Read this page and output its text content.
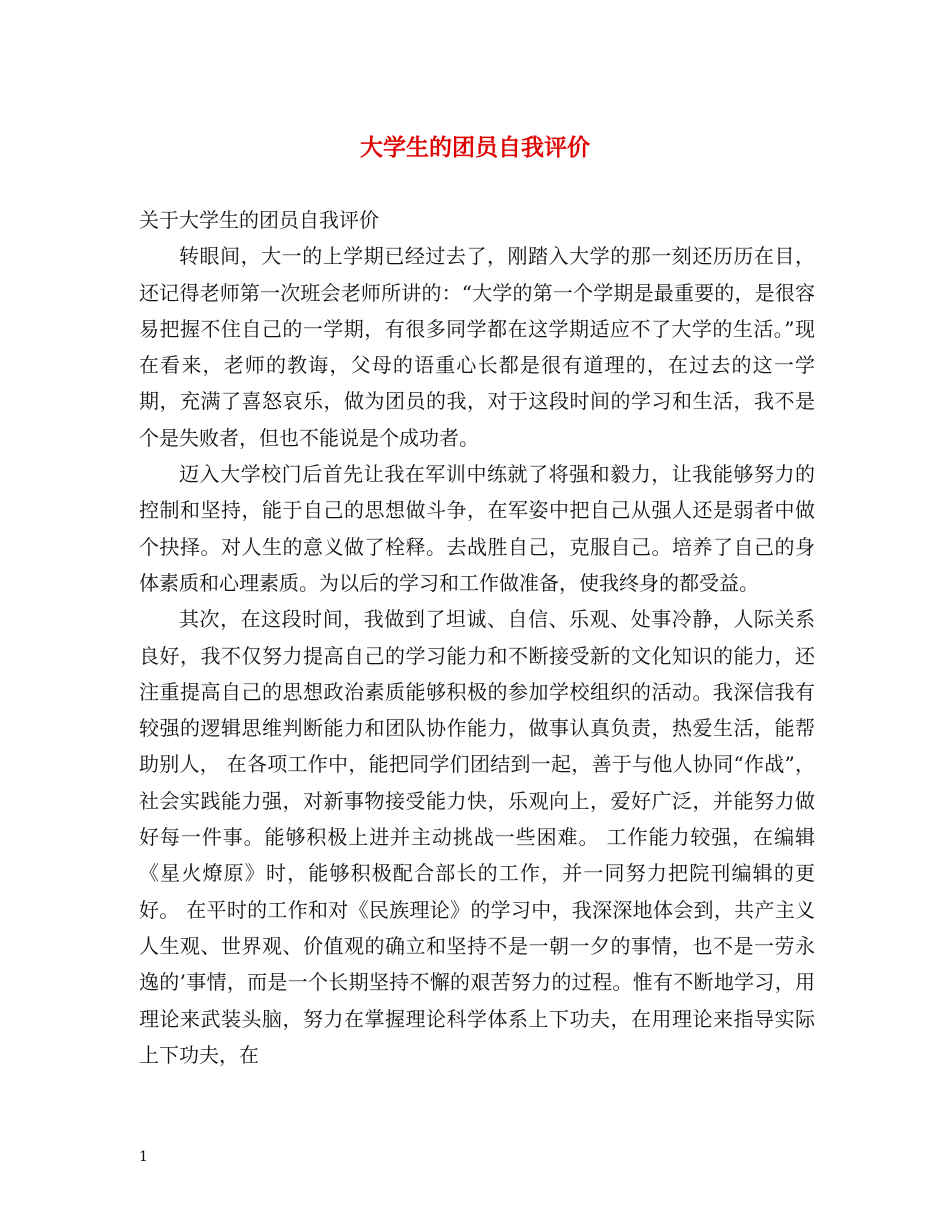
大学生的团员自我评价

关于大学生的团员自我评价

转眼间，大一的上学期已经过去了，刚踏入大学的那一刻还历历在目，还记得老师第一次班会老师所讲的：“大学的第一个学期是最重要的，是很容易把握不住自己的一学期，有很多同学都在这学期适应不了大学的生活。”现在看来，老师的教诲，父母的语重心长都是很有道理的，在过去的这一学期，充满了喜怒哀乐，做为团员的我，对于这段时间的学习和生活，我不是个是失败者，但也不能说是个成功者。

迈入大学校门后首先让我在军训中练就了将强和毅力，让我能够努力的控制和坚持，能于自己的思想做斗争，在军姿中把自己从强人还是弱者中做个抉择。对人生的意义做了栓释。去战胜自己，克服自己。培养了自己的身体素质和心理素质。为以后的学习和工作做准备，使我终身的都受益。

其次，在这段时间，我做到了坦诚、自信、乐观、处事冷静，人际关系良好，我不仅努力提高自己的学习能力和不断接受新的文化知识的能力，还注重提高自己的思想政治素质能够积极的参加学校组织的活动。我深信我有较强的逻辑思维判断能力和团队协作能力，做事认真负责，热爱生活，能帮助别人， 在各项工作中，能把同学们团结到一起，善于与他人协同“作战”，社会实践能力强，对新事物接受能力快，乐观向上，爱好广泛，并能努力做好每一件事。能够积极上进并主动挑战一些困难。 工作能力较强，在编辑《星火燎原》时，能够积极配合部长的工作，并一同努力把院刊编辑的更好。 在平时的工作和对《民族理论》的学习中，我深深地体会到，共产主义人生观、世界观、价值观的确立和坚持不是一朝一夕的事情，也不是一劳永逸的’事情，而是一个长期坚持不懈的艰苦努力的过程。惟有不断地学习，用理论来武装头脑，努力在掌握理论科学体系上下功夫，在用理论来指导实际上下功夫，在

1
